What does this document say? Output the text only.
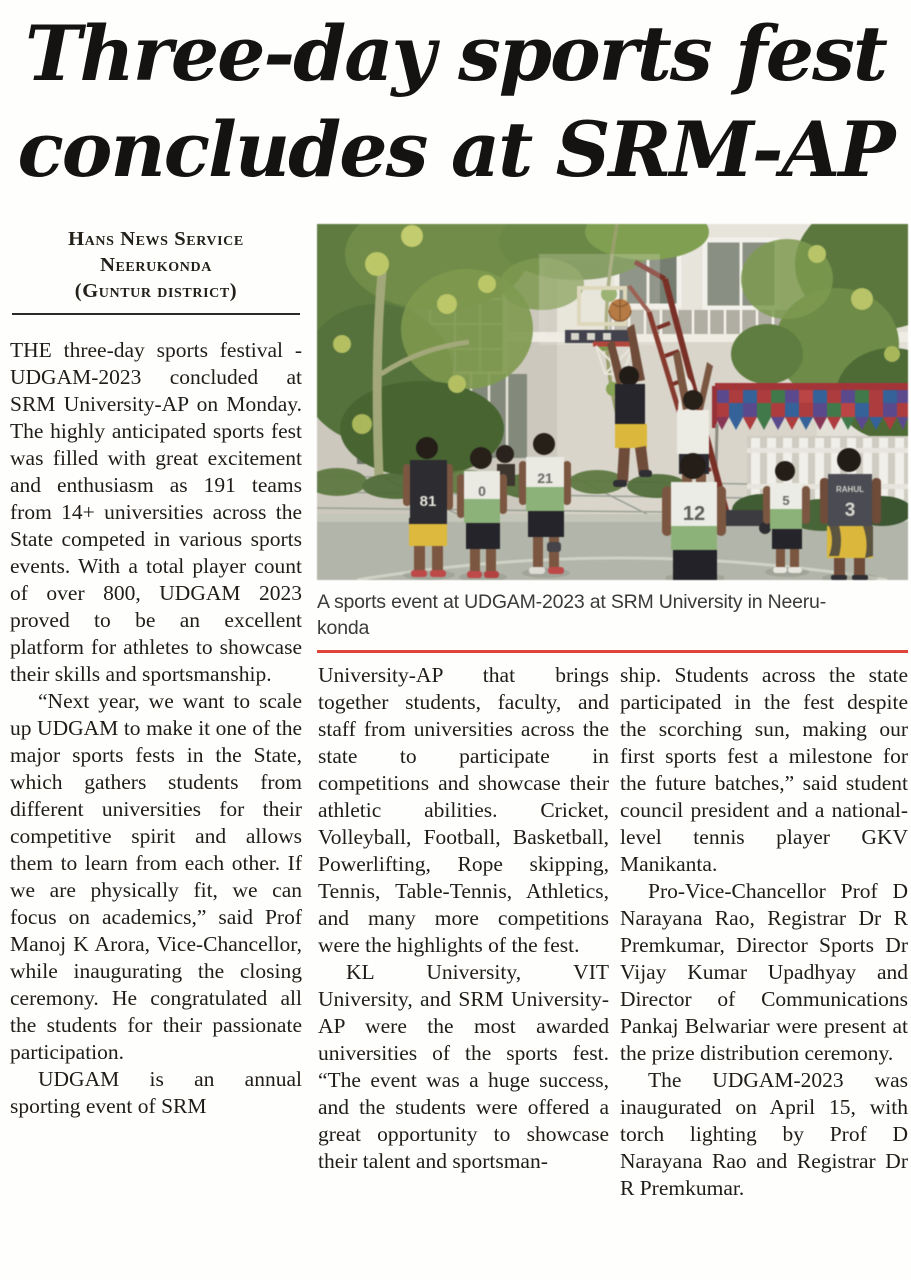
Three-day sports fest
concludes at SRM-AP
Hans News Service
Neerukonda
(Guntur district)

THE three-day sports festival - UDGAM-2023 concluded at SRM University-AP on Monday. The highly anticipated sports fest was filled with great excitement and enthusiasm as 191 teams from 14+ universities across the State competed in various sports events. With a total player count of over 800, UDGAM 2023 proved to be an excellent platform for athletes to showcase their skills and sportsmanship.

“Next year, we want to scale up UDGAM to make it one of the major sports fests in the State, which gathers students from different universities for their competitive spirit and allows them to learn from each other. If we are physically fit, we can focus on academics,” said Prof Manoj K Arora, Vice-Chancellor, while inaugurating the closing ceremony. He congratulated all the students for their passionate participation.

UDGAM is an annual sporting event of SRM

81
0
21
12
5
RAHUL
3
A sports event at UDGAM-2023 at SRM University in Neeru-
konda

University-AP that brings together students, faculty, and staff from universities across the state to participate in competitions and showcase their athletic abilities. Cricket, Volleyball, Football, Basketball, Powerlifting, Rope skipping, Tennis, Table-Tennis, Athletics, and many more competitions were the highlights of the fest.

KL University, VIT University, and SRM University-AP were the most awarded universities of the sports fest. “The event was a huge success, and the students were offered a great opportunity to showcase their talent and sportsman-

ship. Students across the state participated in the fest despite the scorching sun, making our first sports fest a milestone for the future batches,” said student council president and a national-level tennis player GKV Manikanta.

Pro-Vice-Chancellor Prof D Narayana Rao, Registrar Dr R Premkumar, Director Sports Dr Vijay Kumar Upadhyay and Director of Communications Pankaj Belwariar were present at the prize distribution ceremony.

The UDGAM-2023 was inaugurated on April 15, with torch lighting by Prof D Narayana Rao and Registrar Dr R Premkumar.
